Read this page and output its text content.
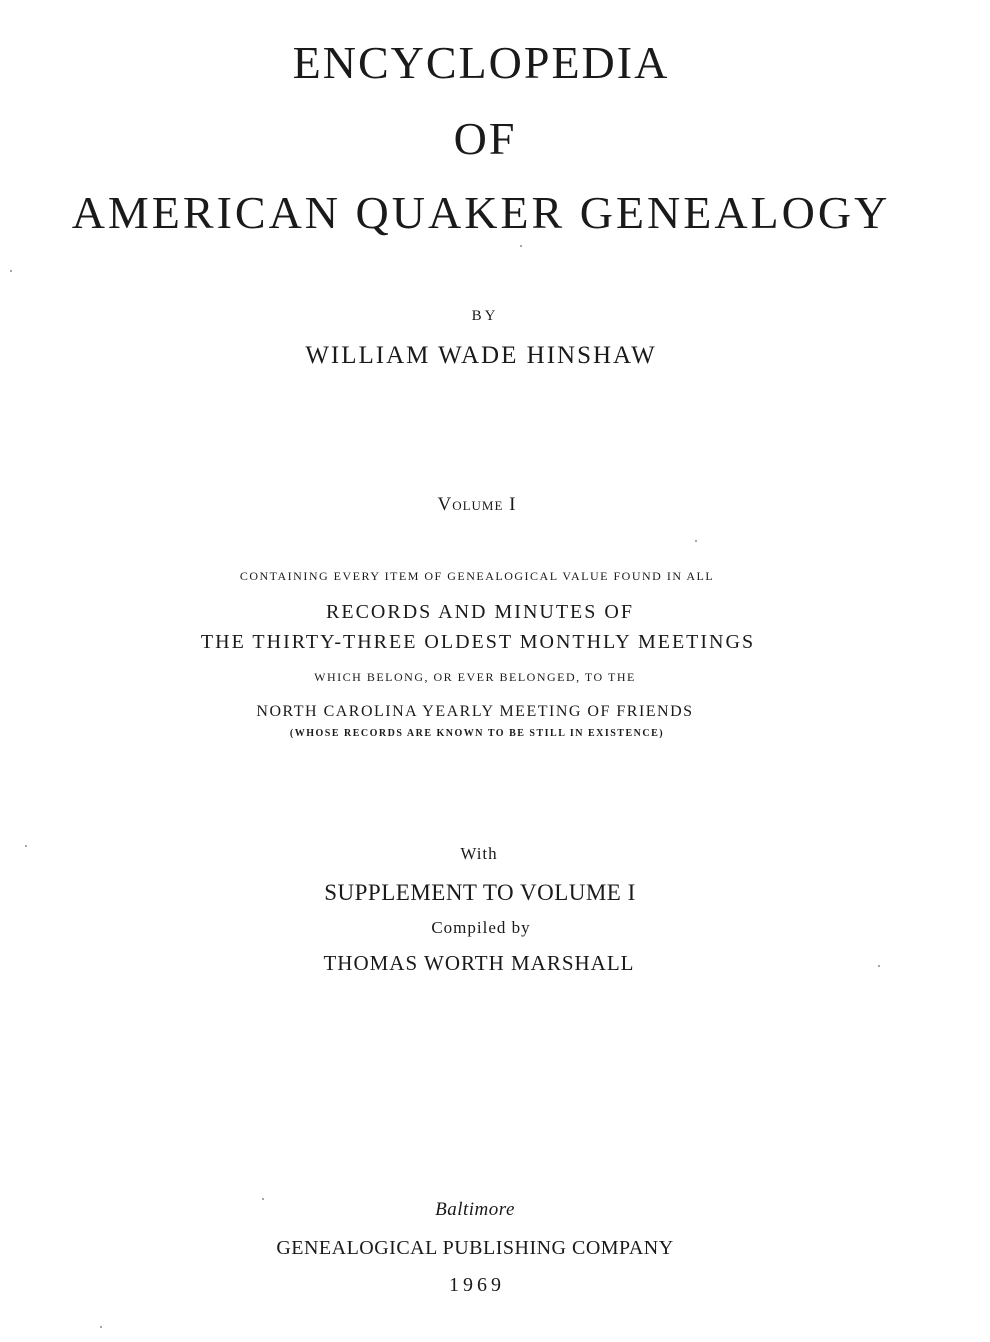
ENCYCLOPEDIA
OF
AMERICAN QUAKER GENEALOGY
BY
WILLIAM WADE HINSHAW
Volume I
CONTAINING EVERY ITEM OF GENEALOGICAL VALUE FOUND IN ALL
RECORDS AND MINUTES OF
THE THIRTY-THREE OLDEST MONTHLY MEETINGS
WHICH BELONG, OR EVER BELONGED, TO THE
NORTH CAROLINA YEARLY MEETING OF FRIENDS
(WHOSE RECORDS ARE KNOWN TO BE STILL IN EXISTENCE)
With
SUPPLEMENT TO VOLUME I
Compiled by
THOMAS WORTH MARSHALL
Baltimore
GENEALOGICAL PUBLISHING COMPANY
1969
